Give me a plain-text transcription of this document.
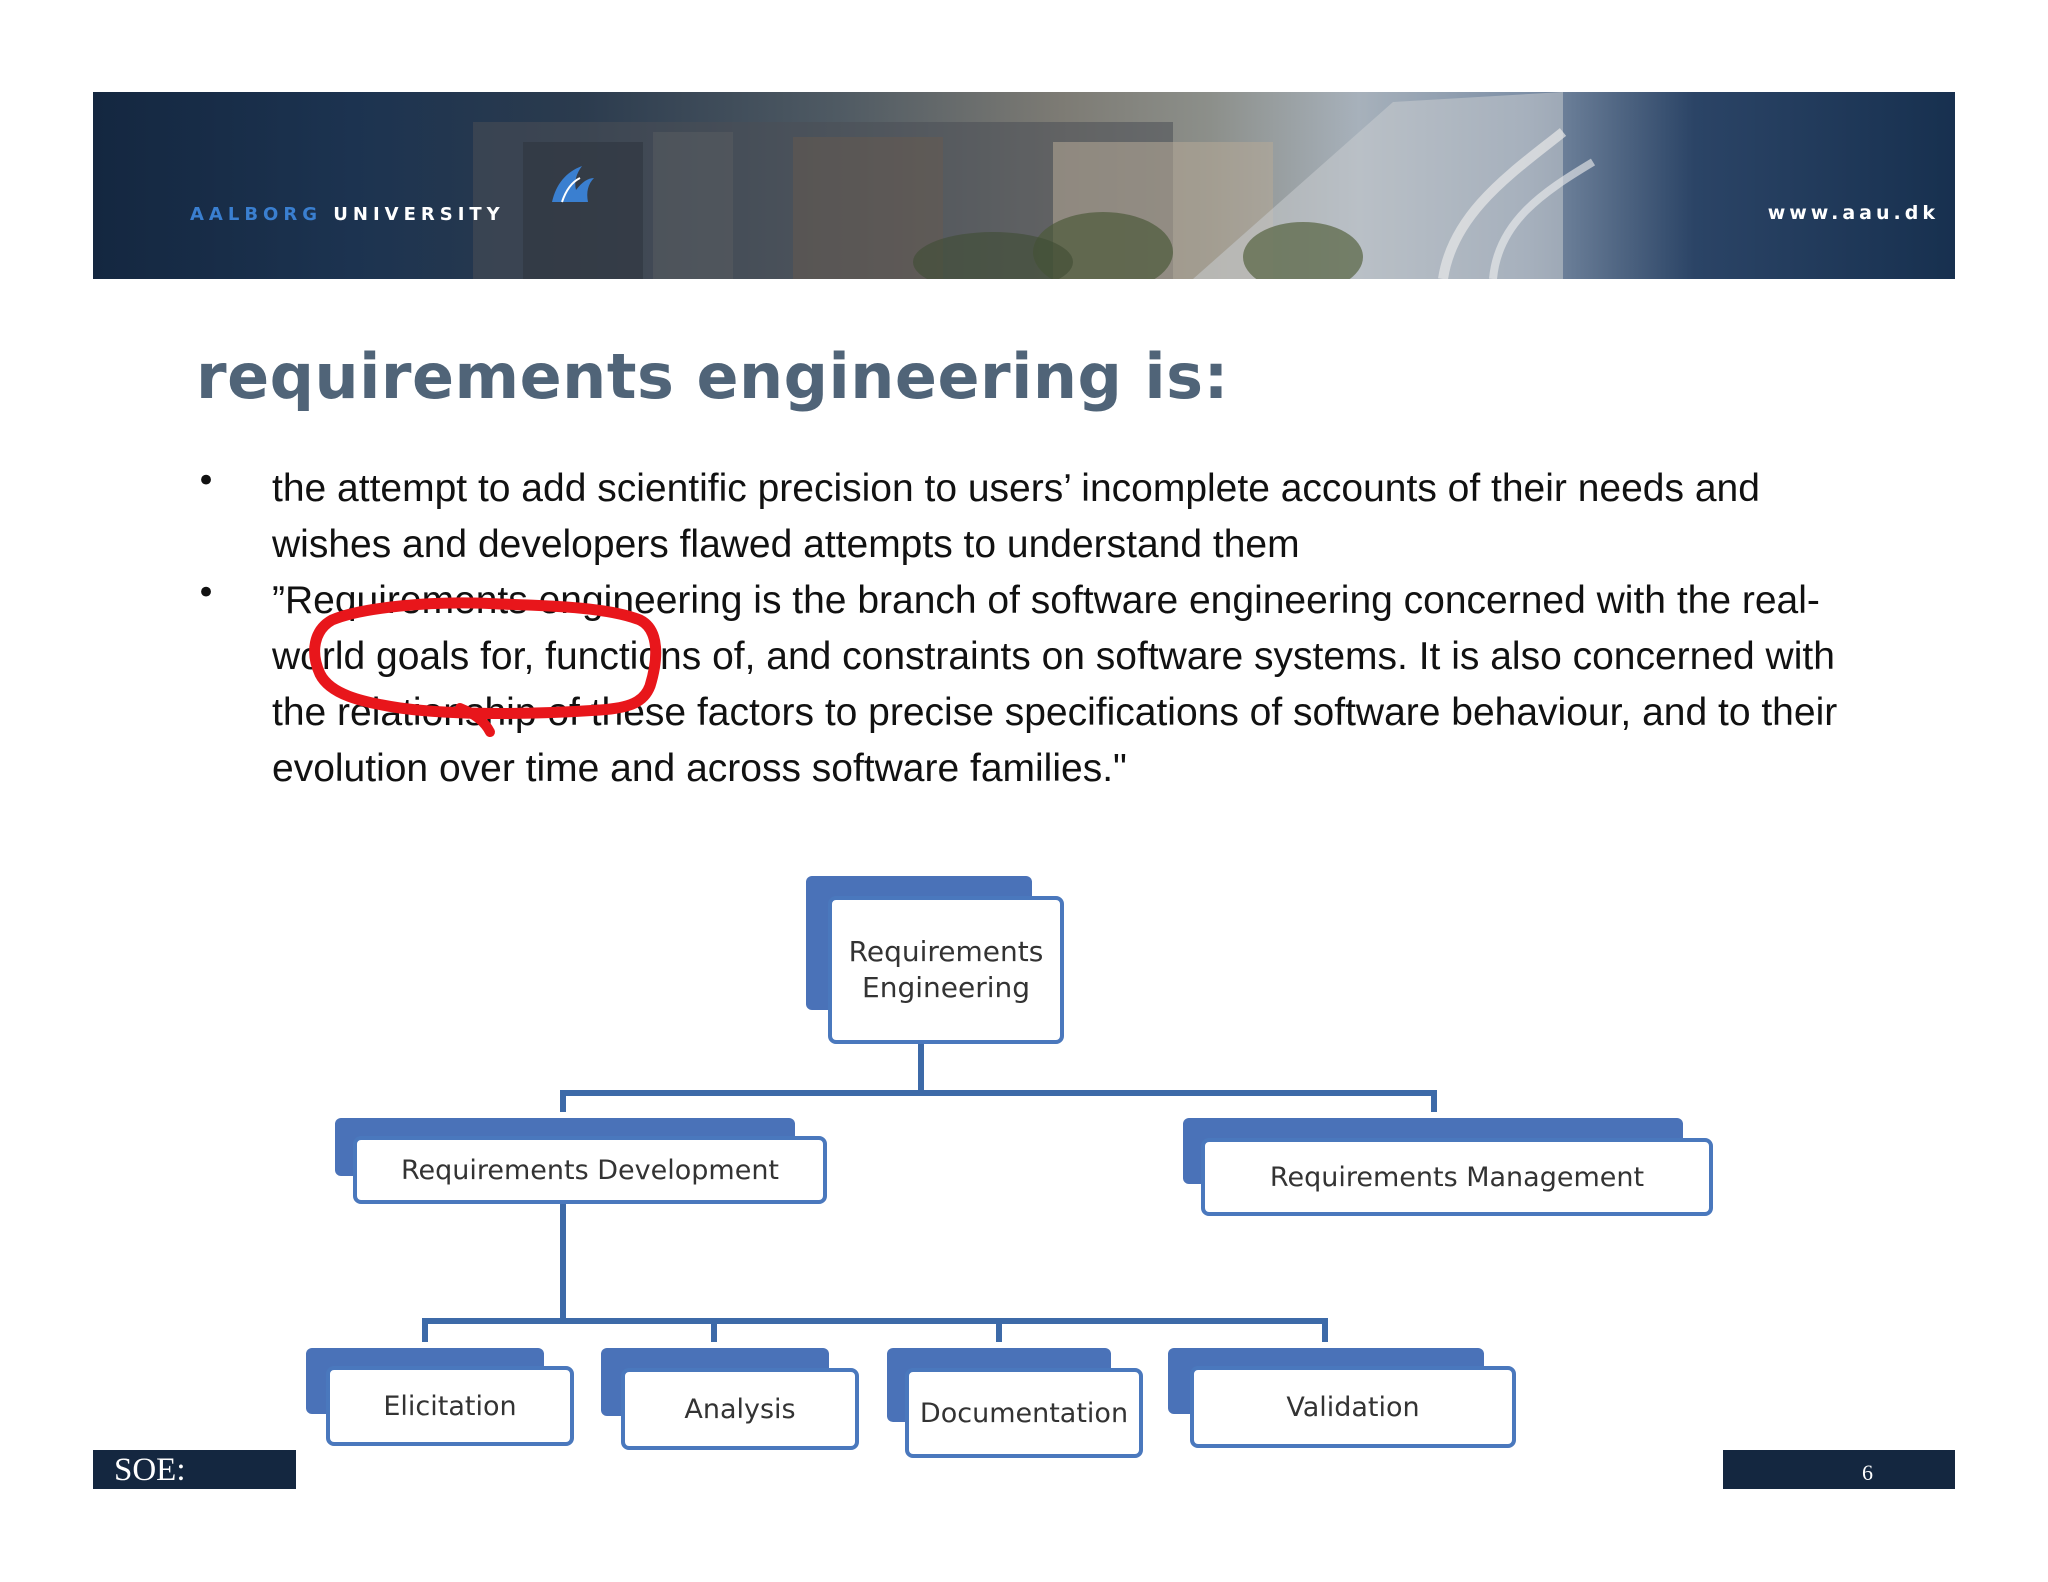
AALBORG UNIVERSITY	www.aau.dk
requirements engineering is:
• the attempt to add scientific precision to users’ incomplete accounts of their needs and wishes and developers flawed attempts to understand them
• ”Requirements engineering is the branch of software engineering concerned with the real-world goals for, functions of, and constraints on software systems. It is also concerned with the relationship of these factors to precise specifications of software behaviour, and to their evolution over time and across software families."
Requirements Engineering
Requirements Development	Requirements Management
Elicitation	Analysis	Documentation	Validation
SOE:	6
